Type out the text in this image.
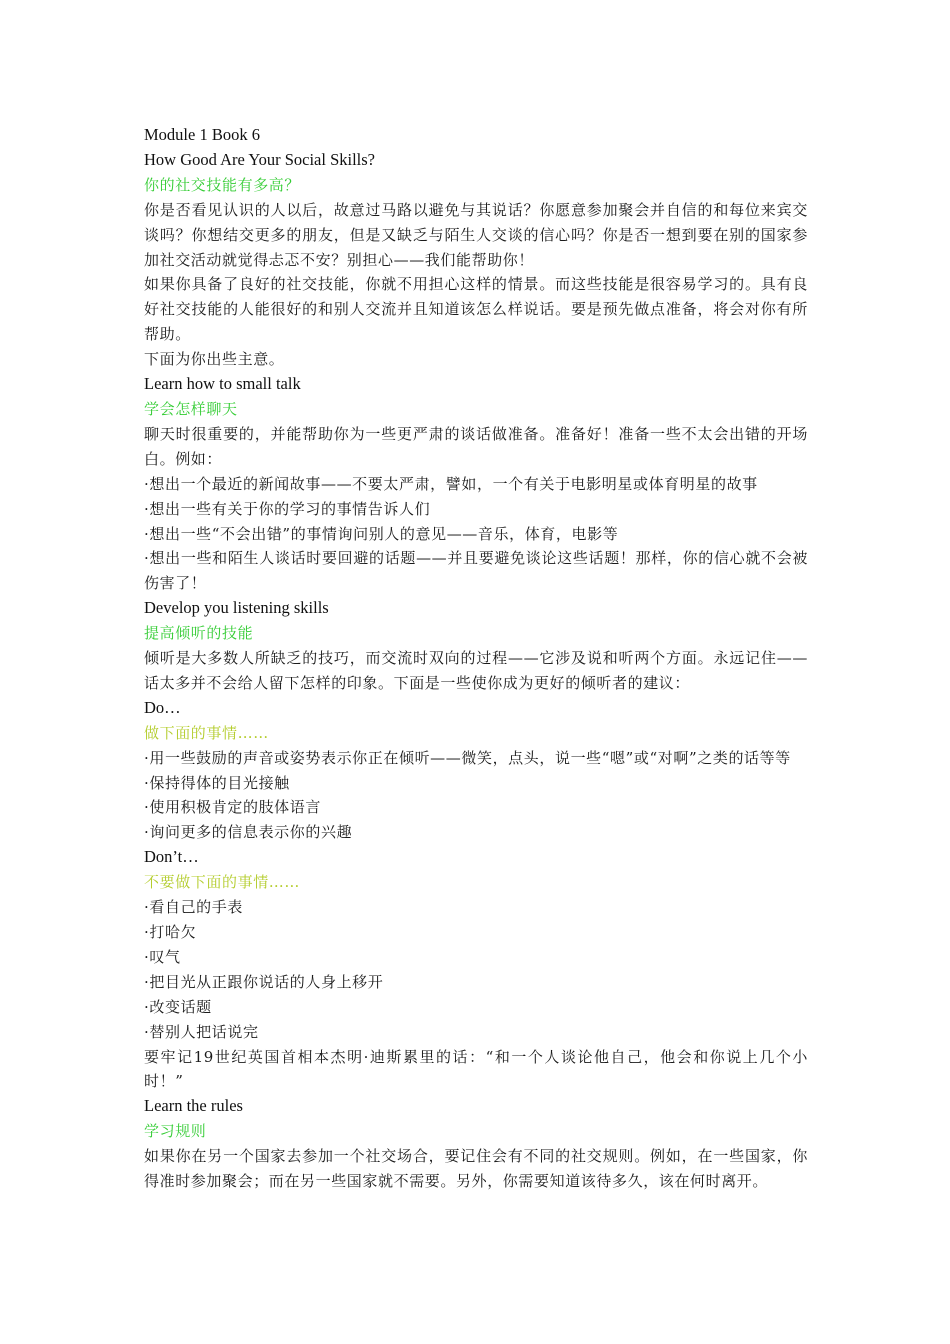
Module 1 Book 6

How Good Are Your Social Skills?

你的社交技能有多高？

你是否看见认识的人以后，故意过马路以避免与其说话？你愿意参加聚会并自信的和每位来宾交谈吗？你想结交更多的朋友，但是又缺乏与陌生人交谈的信心吗？你是否一想到要在别的国家参加社交活动就觉得忐忑不安？别担心——我们能帮助你！

如果你具备了良好的社交技能，你就不用担心这样的情景。而这些技能是很容易学习的。具有良好社交技能的人能很好的和别人交流并且知道该怎么样说话。要是预先做点准备，将会对你有所帮助。

下面为你出些主意。

Learn how to small talk

学会怎样聊天

聊天时很重要的，并能帮助你为一些更严肃的谈话做准备。准备好！准备一些不太会出错的开场白。例如：

·想出一个最近的新闻故事——不要太严肃，譬如，一个有关于电影明星或体育明星的故事

·想出一些有关于你的学习的事情告诉人们

·想出一些“不会出错”的事情询问别人的意见——音乐，体育，电影等

·想出一些和陌生人谈话时要回避的话题——并且要避免谈论这些话题！那样，你的信心就不会被伤害了！

Develop you listening skills

提高倾听的技能

倾听是大多数人所缺乏的技巧，而交流时双向的过程——它涉及说和听两个方面。永远记住——话太多并不会给人留下怎样的印象。下面是一些使你成为更好的倾听者的建议：

Do…

做下面的事情……

·用一些鼓励的声音或姿势表示你正在倾听——微笑，点头，说一些“嗯”或“对啊”之类的话等等

·保持得体的目光接触

·使用积极肯定的肢体语言

·询问更多的信息表示你的兴趣

Don’t…

不要做下面的事情……

·看自己的手表

·打哈欠

·叹气

·把目光从正跟你说话的人身上移开

·改变话题

·替别人把话说完

要牢记19世纪英国首相本杰明·迪斯累里的话：“和一个人谈论他自己，他会和你说上几个小时！”

Learn the rules

学习规则

如果你在另一个国家去参加一个社交场合，要记住会有不同的社交规则。例如，在一些国家，你得准时参加聚会；而在另一些国家就不需要。另外，你需要知道该待多久，该在何时离开。
